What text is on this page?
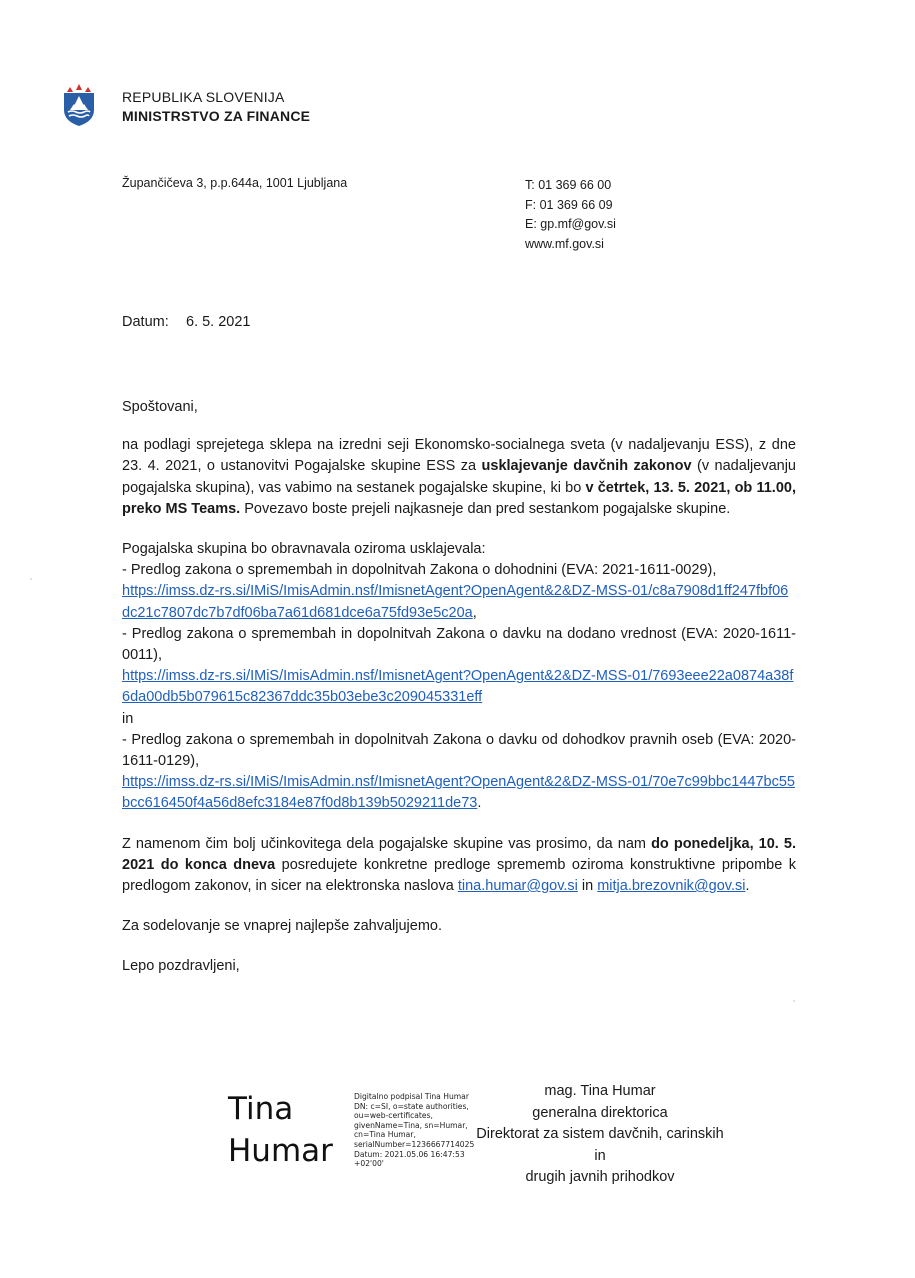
REPUBLIKA SLOVENIJA
MINISTRSTVO ZA FINANCE
Župančičeva 3, p.p.644a, 1001 Ljubljana	T: 01 369 66 00
F: 01 369 66 09
E: gp.mf@gov.si
www.mf.gov.si
Datum: 6. 5. 2021

Spoštovani,

na podlagi sprejetega sklepa na izredni seji Ekonomsko-socialnega sveta (v nadaljevanju ESS), z dne 23. 4. 2021, o ustanovitvi Pogajalske skupine ESS za usklajevanje davčnih zakonov (v nadaljevanju pogajalska skupina), vas vabimo na sestanek pogajalske skupine, ki bo v četrtek, 13. 5. 2021, ob 11.00, preko MS Teams. Povezavo boste prejeli najkasneje dan pred sestankom pogajalske skupine.

Pogajalska skupina bo obravnavala oziroma usklajevala:

- Predlog zakona o spremembah in dopolnitvah Zakona o dohodnini (EVA: 2021-1611-0029),

https://imss.dz-rs.si/IMiS/ImisAdmin.nsf/ImisnetAgent?OpenAgent&2&DZ-MSS-01/c8a7908d1ff247fbf06dc21c7807dc7b7df06ba7a61d681dce6a75fd93e5c20a,

- Predlog zakona o spremembah in dopolnitvah Zakona o davku na dodano vrednost (EVA: 2020-1611-0011),

https://imss.dz-rs.si/IMiS/ImisAdmin.nsf/ImisnetAgent?OpenAgent&2&DZ-MSS-01/7693eee22a0874a38f6da00db5b079615c82367ddc35b03ebe3c209045331eff

in

- Predlog zakona o spremembah in dopolnitvah Zakona o davku od dohodkov pravnih oseb (EVA: 2020-1611-0129),

https://imss.dz-rs.si/IMiS/ImisAdmin.nsf/ImisnetAgent?OpenAgent&2&DZ-MSS-01/70e7c99bbc1447bc55bcc616450f4a56d8efc3184e87f0d8b139b5029211de73.

Z namenom čim bolj učinkovitega dela pogajalske skupine vas prosimo, da nam do ponedeljka, 10. 5. 2021 do konca dneva posredujete konkretne predloge sprememb oziroma konstruktivne pripombe k predlogom zakonov, in sicer na elektronska naslova tina.humar@gov.si in mitja.brezovnik@gov.si.

Za sodelovanje se vnaprej najlepše zahvaljujemo.

Lepo pozdravljeni,

Tina
Humar
Digitalno podpisal Tina Humar
DN: c=SI, o=state authorities,
ou=web-certificates,
givenName=Tina, sn=Humar,
cn=Tina Humar,
serialNumber=1236667714025
Datum: 2021.05.06 16:47:53
+02'00'
mag. Tina Humar
generalna direktorica
Direktorat za sistem davčnih, carinskih in
drugih javnih prihodkov
